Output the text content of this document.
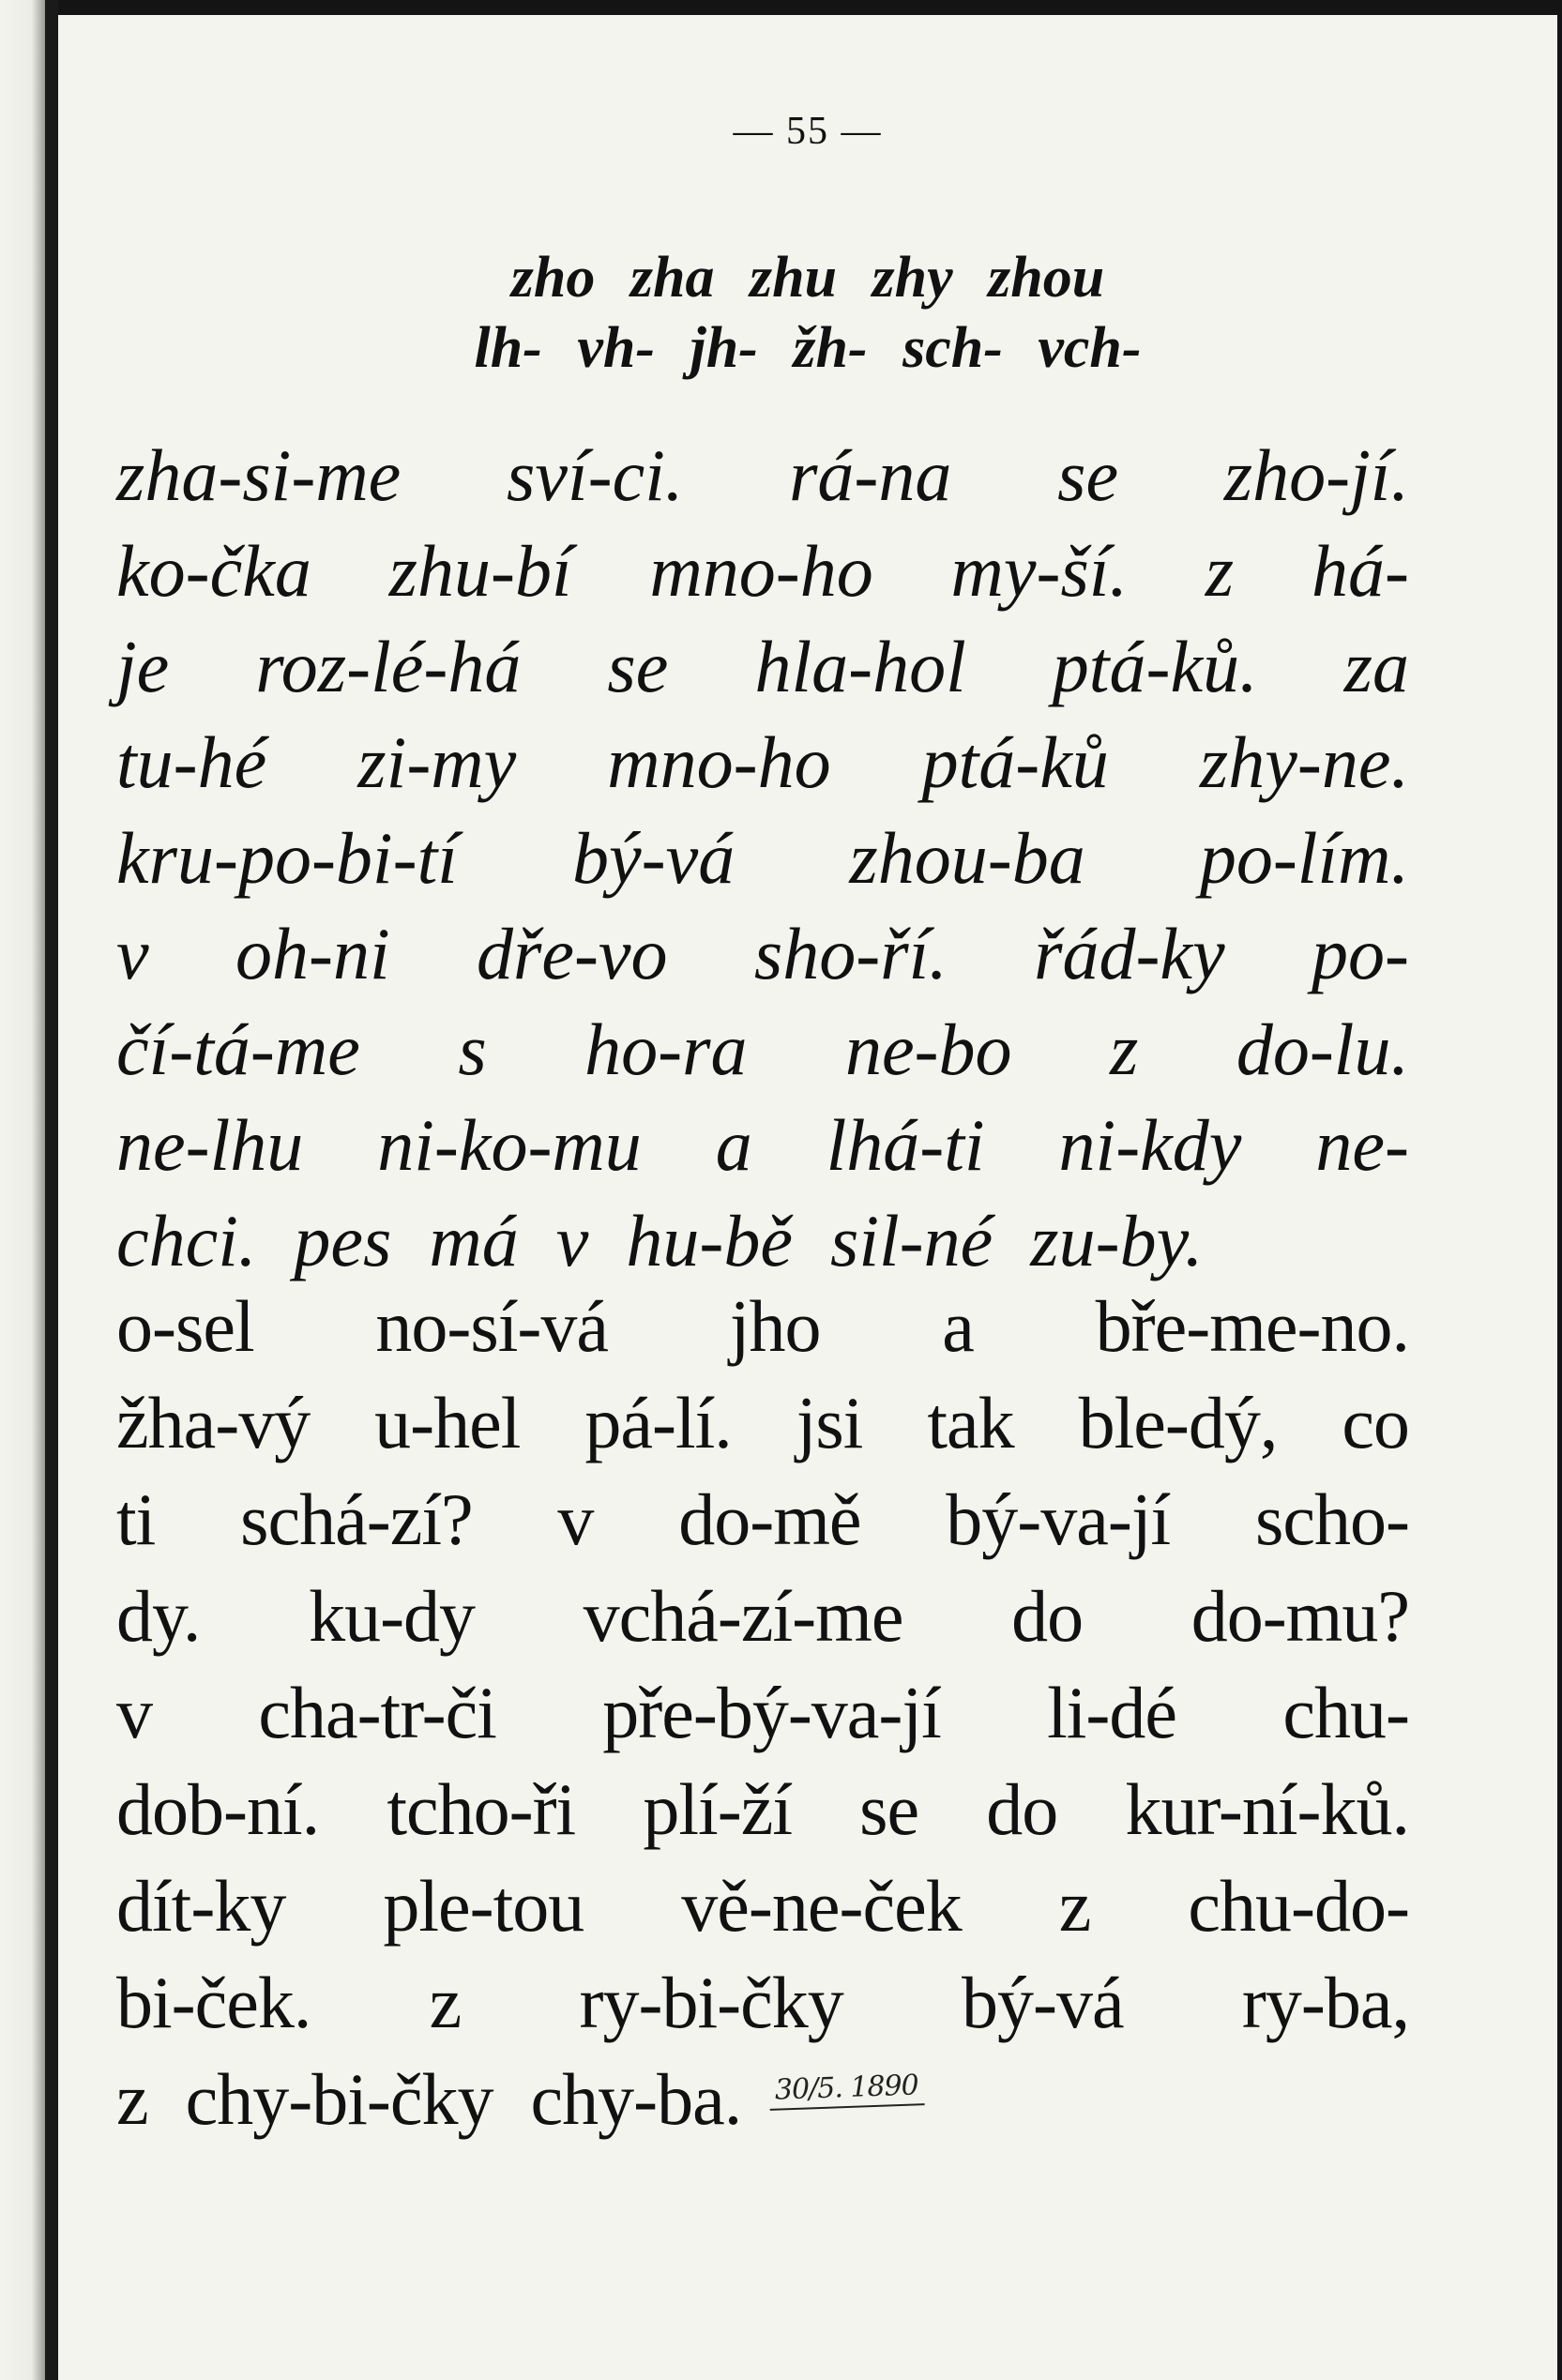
— 55 —
zho zha zhu zhy zhou
lh- vh- jh- žh- sch- vch-
zha-si-me sví-ci. rá-na se zho-jí.
ko-čka zhu-bí mno-ho my-ší. z há-
je roz-lé-há se hla-hol ptá-ků. za
tu-hé zi-my mno-ho ptá-ků zhy-ne.
kru-po-bi-tí bý-vá zhou-ba po-lím.
v oh-ni dře-vo sho-ří. řád-ky po-
čí-tá-me s ho-ra ne-bo z do-lu.
ne-lhu ni-ko-mu a lhá-ti ni-kdy ne-
chci. pes má v hu-bě sil-né zu-by.
o-sel no-sí-vá jho a bře-me-no.
žha-vý u-hel pá-lí. jsi tak ble-dý, co
ti schá-zí? v do-mě bý-va-jí scho-
dy. ku-dy vchá-zí-me do do-mu?
v cha-tr-či pře-bý-va-jí li-dé chu-
dob-ní. tcho-ři plí-ží se do kur-ní-ků.
dít-ky ple-tou vě-ne-ček z chu-do-
bi-ček. z ry-bi-čky bý-vá ry-ba,
z chy-bi-čky chy-ba. 30/5. 1890
